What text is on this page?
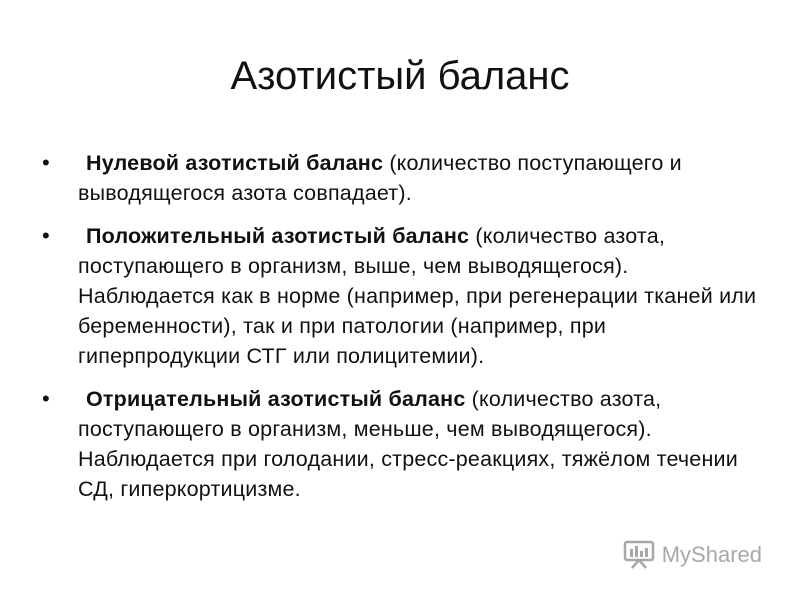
Азотистый баланс
• Нулевой азотистый баланс (количество поступающего и выводящегося азота совпадает).
• Положительный азотистый баланс (количество азота, поступающего в организм, выше, чем выводящегося). Наблюдается как в норме (например, при регенерации тканей или беременности), так и при патологии (например, при гиперпродукции СТГ или полицитемии).
• Отрицательный азотистый баланс (количество азота, поступающего в организм, меньше, чем выводящегося). Наблюдается при голодании, стресс-реакциях, тяжёлом течении СД, гиперкортицизме.
MyShared
